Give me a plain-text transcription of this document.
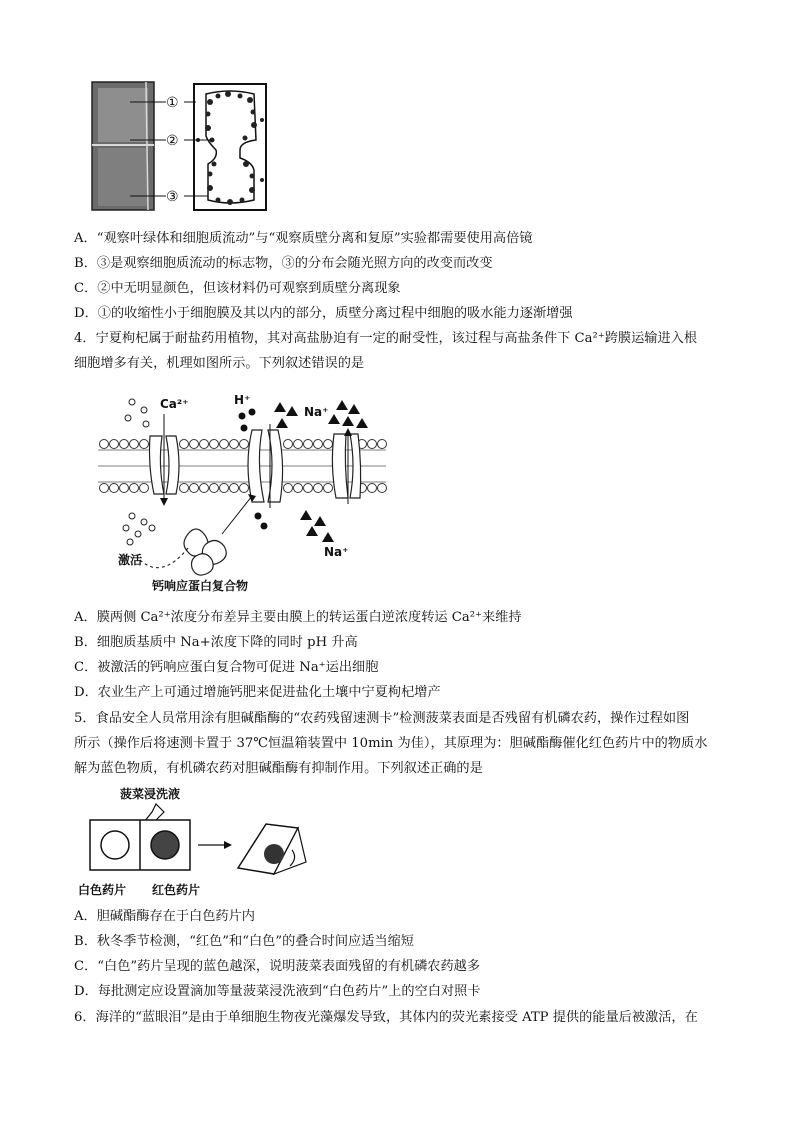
①
②
③
A．“观察叶绿体和细胞质流动”与“观察质壁分离和复原”实验都需要使用高倍镜
B．③是观察细胞质流动的标志物，③的分布会随光照方向的改变而改变
C．②中无明显颜色，但该材料仍可观察到质壁分离现象
D．①的收缩性小于细胞膜及其以内的部分，质壁分离过程中细胞的吸水能力逐渐增强
4．宁夏枸杞属于耐盐药用植物，其对高盐胁迫有一定的耐受性，该过程与高盐条件下 Ca²⁺跨膜运输进入根
细胞增多有关，机理如图所示。下列叙述错误的是
Ca²⁺	H⁺
Na⁺
Na⁺
激活
钙响应蛋白复合物
A．膜两侧 Ca²⁺浓度分布差异主要由膜上的转运蛋白逆浓度转运 Ca²⁺来维持
B．细胞质基质中 Na+浓度下降的同时 pH 升高
C．被激活的钙响应蛋白复合物可促进 Na⁺运出细胞
D．农业生产上可通过增施钙肥来促进盐化土壤中宁夏枸杞增产
5．食品安全人员常用涂有胆碱酯酶的“农药残留速测卡”检测菠菜表面是否残留有机磷农药，操作过程如图
所示（操作后将速测卡置于 37℃恒温箱装置中 10min 为佳），其原理为：胆碱酯酶催化红色药片中的物质水
解为蓝色物质，有机磷农药对胆碱酯酶有抑制作用。下列叙述正确的是
菠菜浸洗液
白色药片 红色药片
A．胆碱酯酶存在于白色药片内
B．秋冬季节检测，“红色”和“白色”的叠合时间应适当缩短
C．“白色”药片呈现的蓝色越深，说明菠菜表面残留的有机磷农药越多
D．每批测定应设置滴加等量菠菜浸洗液到“白色药片”上的空白对照卡
6．海洋的“蓝眼泪”是由于单细胞生物夜光藻爆发导致，其体内的荧光素接受 ATP 提供的能量后被激活，在
